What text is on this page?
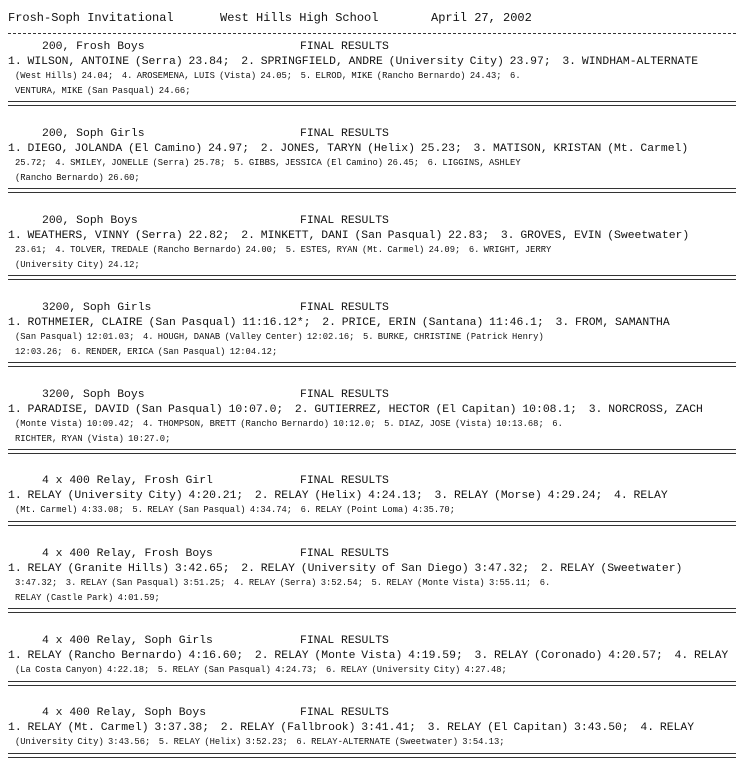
Frosh-Soph Invitational

	West Hills High School

	April 27, 2002

200, Frosh Boys	FINAL RESULTS
1. WILSON, ANTOINE (Serra) 23.84;  2. SPRINGFIELD, ANDRE (University City) 23.97;  3. WINDHAM-ALTERNATE
(West Hills) 24.04;  4. AROSEMENA, LUIS (Vista) 24.05;  5. ELROD, MIKE (Rancho Bernardo) 24.43;  6.
VENTURA, MIKE (San Pasqual) 24.66;
200, Soph Girls	FINAL RESULTS
1. DIEGO, JOLANDA (El Camino) 24.97;  2. JONES, TARYN (Helix) 25.23;  3. MATISON, KRISTAN (Mt. Carmel)
25.72;  4. SMILEY, JONELLE (Serra) 25.78;  5. GIBBS, JESSICA (El Camino) 26.45;  6. LIGGINS, ASHLEY
(Rancho Bernardo) 26.60;
200, Soph Boys	FINAL RESULTS
1. WEATHERS, VINNY (Serra) 22.82;  2. MINKETT, DANI (San Pasqual) 22.83;  3. GROVES, EVIN (Sweetwater)
23.61;  4. TOLVER, TREDALE (Rancho Bernardo) 24.00;  5. ESTES, RYAN (Mt. Carmel) 24.09;  6. WRIGHT, JERRY
(University City) 24.12;
3200, Soph Girls	FINAL RESULTS
1. ROTHMEIER, CLAIRE (San Pasqual) 11:16.12*;  2. PRICE, ERIN (Santana) 11:46.1;  3. FROM, SAMANTHA
(San Pasqual) 12:01.03;  4. HOUGH, DANAB (Valley Center) 12:02.16;  5. BURKE, CHRISTINE (Patrick Henry)
12:03.26;  6. RENDER, ERICA (San Pasqual) 12:04.12;
3200, Soph Boys	FINAL RESULTS
1. PARADISE, DAVID (San Pasqual) 10:07.0;  2. GUTIERREZ, HECTOR (El Capitan) 10:08.1;  3. NORCROSS, ZACH
(Monte Vista) 10:09.42;  4. THOMPSON, BRETT (Rancho Bernardo) 10:12.0;  5. DIAZ, JOSE (Vista) 10:13.68;  6.
RICHTER, RYAN (Vista) 10:27.0;
4 x 400 Relay, Frosh Girl	FINAL RESULTS
1. RELAY (University City) 4:20.21;  2. RELAY (Helix) 4:24.13;  3. RELAY (Morse) 4:29.24;  4. RELAY
(Mt. Carmel) 4:33.08;  5. RELAY (San Pasqual) 4:34.74;  6. RELAY (Point Loma) 4:35.70;
4 x 400 Relay, Frosh Boys	FINAL RESULTS
1. RELAY (Granite Hills) 3:42.65;  2. RELAY (University of San Diego) 3:47.32;  2. RELAY (Sweetwater)
3:47.32;  3. RELAY (San Pasqual) 3:51.25;  4. RELAY (Serra) 3:52.54;  5. RELAY (Monte Vista) 3:55.11;  6.
RELAY (Castle Park) 4:01.59;
4 x 400 Relay, Soph Girls	FINAL RESULTS
1. RELAY (Rancho Bernardo) 4:16.60;  2. RELAY (Monte Vista) 4:19.59;  3. RELAY (Coronado) 4:20.57;  4. RELAY
(La Costa Canyon) 4:22.18;  5. RELAY (San Pasqual) 4:24.73;  6. RELAY (University City) 4:27.48;
4 x 400 Relay, Soph Boys	FINAL RESULTS
1. RELAY (Mt. Carmel) 3:37.38;  2. RELAY (Fallbrook) 3:41.41;  3. RELAY (El Capitan) 3:43.50;  4. RELAY
(University City) 3:43.56;  5. RELAY (Helix) 3:52.23;  6. RELAY-ALTERNATE (Sweetwater) 3:54.13;
